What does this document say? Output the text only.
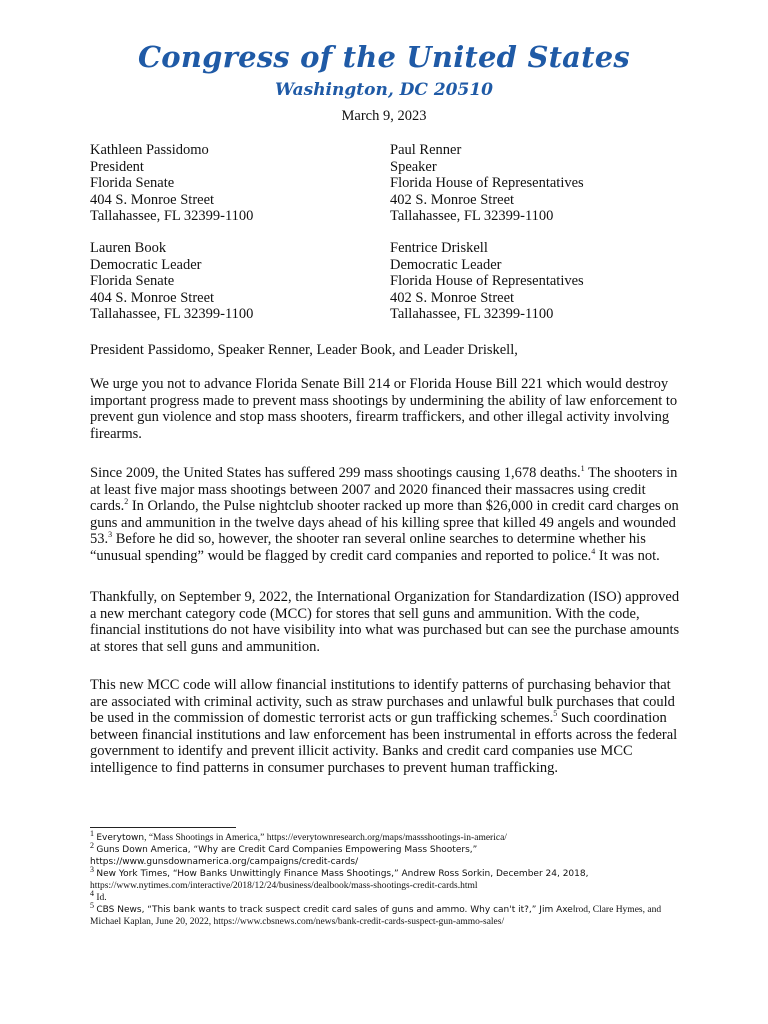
Congress of the United States
Washington, DC 20510
March 9, 2023
Kathleen Passidomo
President
Florida Senate
404 S. Monroe Street
Tallahassee, FL 32399-1100
Paul Renner
Speaker
Florida House of Representatives
402 S. Monroe Street
Tallahassee, FL 32399-1100
Lauren Book
Democratic Leader
Florida Senate
404 S. Monroe Street
Tallahassee, FL 32399-1100
Fentrice Driskell
Democratic Leader
Florida House of Representatives
402 S. Monroe Street
Tallahassee, FL 32399-1100
President Passidomo, Speaker Renner, Leader Book, and Leader Driskell,
We urge you not to advance Florida Senate Bill 214 or Florida House Bill 221 which would destroy important progress made to prevent mass shootings by undermining the ability of law enforcement to prevent gun violence and stop mass shooters, firearm traffickers, and other illegal activity involving firearms.
Since 2009, the United States has suffered 299 mass shootings causing 1,678 deaths.$^1$ The shooters in at least five major mass shootings between 2007 and 2020 financed their massacres using credit cards.$^2$ In Orlando, the Pulse nightclub shooter racked up more than $26,000 in credit card charges on guns and ammunition in the twelve days ahead of his killing spree that killed 49 angels and wounded 53.$^3$ Before he did so, however, the shooter ran several online searches to determine whether his “unusual spending” would be flagged by credit card companies and reported to police.$^4$ It was not.
Thankfully, on September 9, 2022, the International Organization for Standardization (ISO) approved a new merchant category code (MCC) for stores that sell guns and ammunition. With the code, financial institutions do not have visibility into what was purchased but can see the purchase amounts at stores that sell guns and ammunition.
This new MCC code will allow financial institutions to identify patterns of purchasing behavior that are associated with criminal activity, such as straw purchases and unlawful bulk purchases that could be used in the commission of domestic terrorist acts or gun trafficking schemes.$^5$ Such coordination between financial institutions and law enforcement has been instrumental in efforts across the federal government to identify and prevent illicit activity. Banks and credit card companies use MCC intelligence to find patterns in consumer purchases to prevent human trafficking.

$^1$ Everytown, “Mass Shootings in America,” https://everytownresearch.org/maps/massshootings-in-america/

$^2$ Guns Down America, “Why are Credit Card Companies Empowering Mass Shooters,” https://www.gunsdownamerica.org/campaigns/credit-cards/

$^3$ New York Times, “How Banks Unwittingly Finance Mass Shootings,” Andrew Ross Sorkin, December 24, 2018, https://www.nytimes.com/interactive/2018/12/24/business/dealbook/mass-shootings-credit-cards.html

$^4$ Id.

$^5$ CBS News, “This bank wants to track suspect credit card sales of guns and ammo. Why can't it?,” Jim Axelrod, Clare Hymes, and Michael Kaplan, June 20, 2022, https://www.cbsnews.com/news/bank-credit-cards-suspect-gun-ammo-sales/
